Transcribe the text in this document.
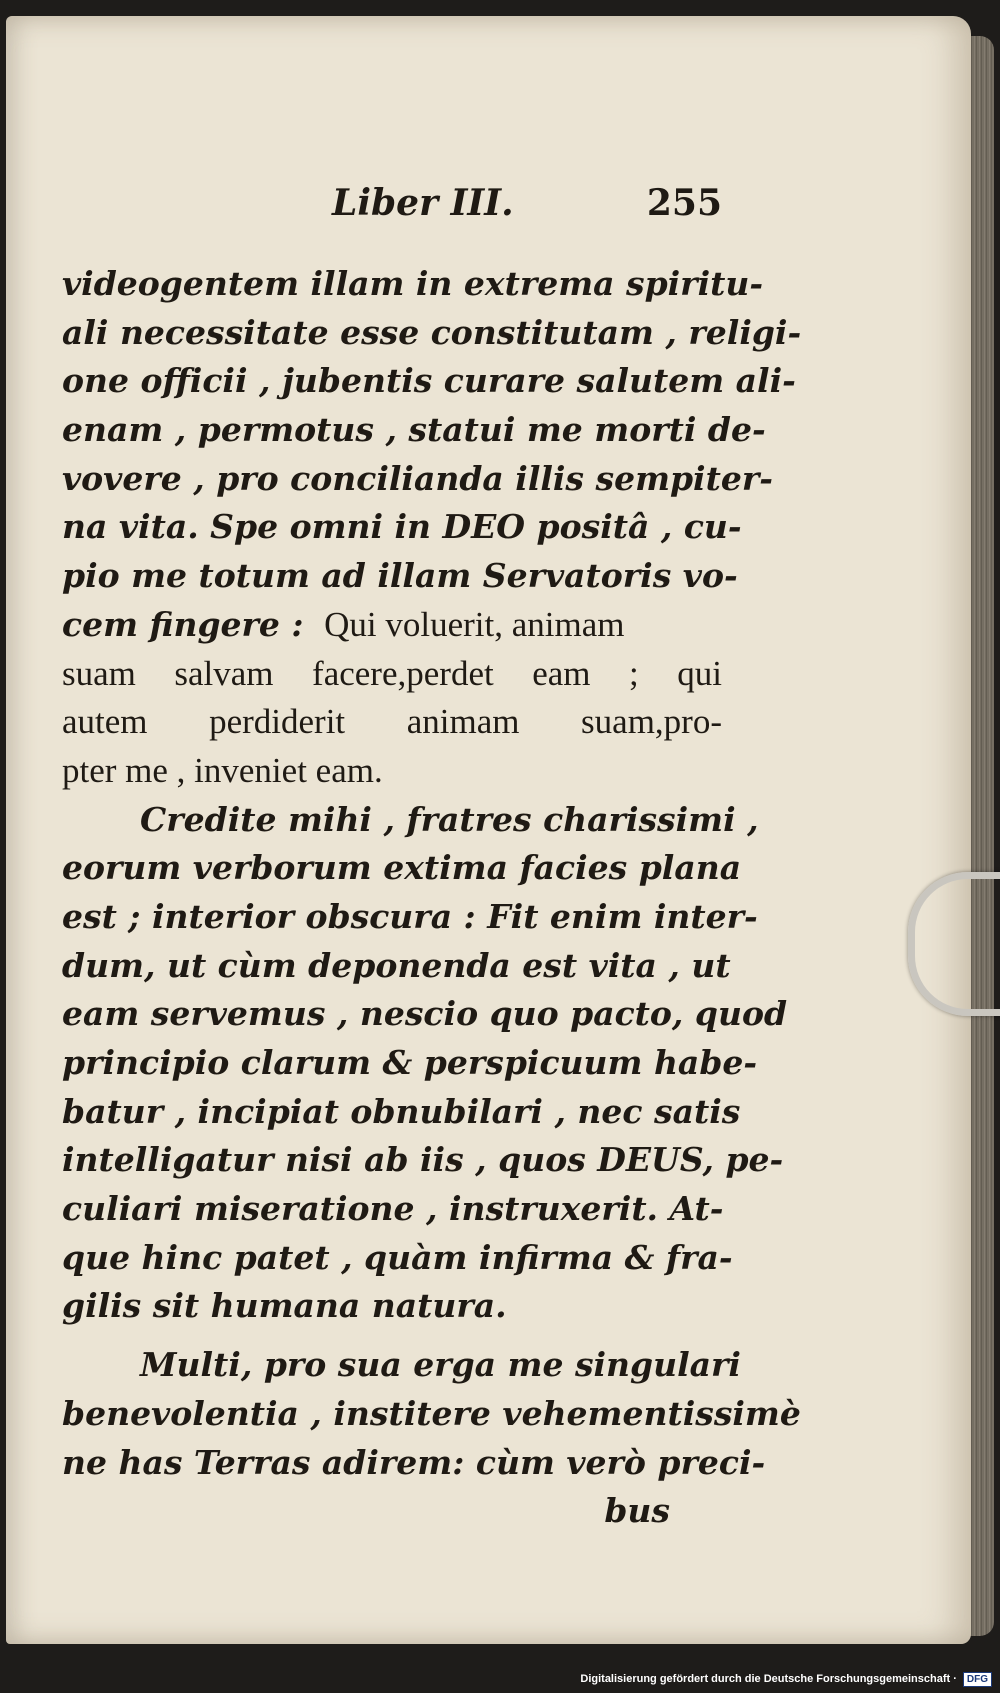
Liber III.	255
videogentem illam in extrema spiritu-
ali necessitate esse constitutam , religi-
one officii , jubentis curare salutem ali-
enam , permotus , statui me morti de-
vovere , pro concilianda illis sempiter-
na vita. Spe omni in DEO positâ , cu-
pio me totum ad illam Servatoris vo-
cem fingere : Qui voluerit, animam
suam salvam facere,perdet eam ; qui
autem perdiderit animam suam,pro-
pter me , inveniet eam.
Credite mihi , fratres charissimi ,
eorum verborum extima facies plana
est ; interior obscura : Fit enim inter-
dum, ut cùm deponenda est vita , ut
eam servemus , nescio quo pacto, quod
principio clarum & perspicuum habe-
batur , incipiat obnubilari , nec satis
intelligatur nisi ab iis , quos DEUS, pe-
culiari miseratione , instruxerit. At-
que hinc patet , quàm infirma & fra-
gilis sit humana natura.
Multi, pro sua erga me singulari
benevolentia , institere vehementissimè
ne has Terras adirem: cùm verò preci-
bus
Digitalisierung gefördert durch die Deutsche Forschungsgemeinschaft ·	DFG
